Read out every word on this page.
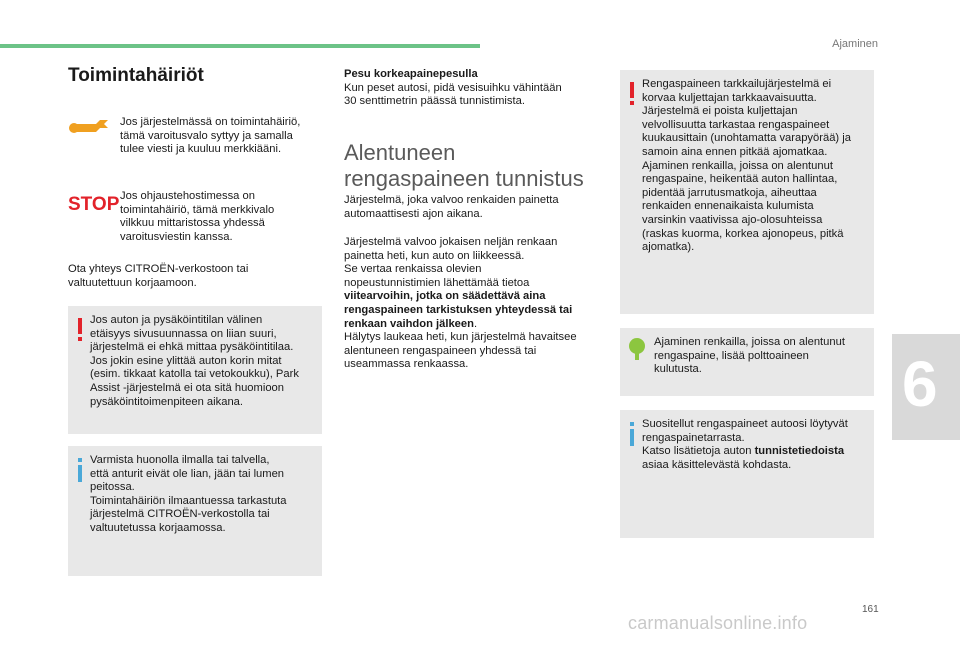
Ajaminen
6
Toimintahäiriöt
Jos järjestelmässä on toimintahäiriö,
tämä varoitusvalo syttyy ja samalla
tulee viesti ja kuuluu merkkiääni.
STOP Jos ohjaustehostimessa on
toimintahäiriö, tämä merkkivalo
vilkkuu mittaristossa yhdessä
varoitusviestin kanssa.
Ota yhteys CITROËN-verkostoon tai
valtuutettuun korjaamoon.
Jos auton ja pysäköintitilan välinen
etäisyys sivusuunnassa on liian suuri,
järjestelmä ei ehkä mittaa pysäköintitilaa.
Jos jokin esine ylittää auton korin mitat
(esim. tikkaat katolla tai vetokoukku), Park
Assist -järjestelmä ei ota sitä huomioon
pysäköintitoimenpiteen aikana.
Varmista huonolla ilmalla tai talvella,
että anturit eivät ole lian, jään tai lumen
peitossa.
Toimintahäiriön ilmaantuessa tarkastuta
järjestelmä CITROËN-verkostolla tai
valtuutetussa korjaamossa.
Pesu korkeapainepesulla
Kun peset autosi, pidä vesisuihku vähintään
30 senttimetrin päässä tunnistimista.
Alentuneen
rengaspaineen tunnistus
Järjestelmä, joka valvoo renkaiden painetta
automaattisesti ajon aikana.
Järjestelmä valvoo jokaisen neljän renkaan
painetta heti, kun auto on liikkeessä.
Se vertaa renkaissa olevien
nopeustunnistimien lähettämää tietoa
viitearvoihin, jotka on säädettävä aina
rengaspaineen tarkistuksen yhteydessä tai
renkaan vaihdon jälkeen.
Hälytys laukeaa heti, kun järjestelmä havaitsee
alentuneen rengaspaineen yhdessä tai
useammassa renkaassa.
Rengaspaineen tarkkailujärjestelmä ei
korvaa kuljettajan tarkkaavaisuutta.
Järjestelmä ei poista kuljettajan
velvollisuutta tarkastaa rengaspaineet
kuukausittain (unohtamatta varapyörää) ja
samoin aina ennen pitkää ajomatkaa.
Ajaminen renkailla, joissa on alentunut
rengaspaine, heikentää auton hallintaa,
pidentää jarrutusmatkoja, aiheuttaa
renkaiden ennenaikaista kulumista
varsinkin vaativissa ajo-olosuhteissa
(raskas kuorma, korkea ajonopeus, pitkä
ajomatka).
Ajaminen renkailla, joissa on alentunut
rengaspaine, lisää polttoaineen
kulutusta.
Suositellut rengaspaineet autoosi löytyvät
rengaspainetarrasta.
Katso lisätietoja auton tunnistetiedoista
asiaa käsittelevästä kohdasta.
161
carmanualsonline.info
